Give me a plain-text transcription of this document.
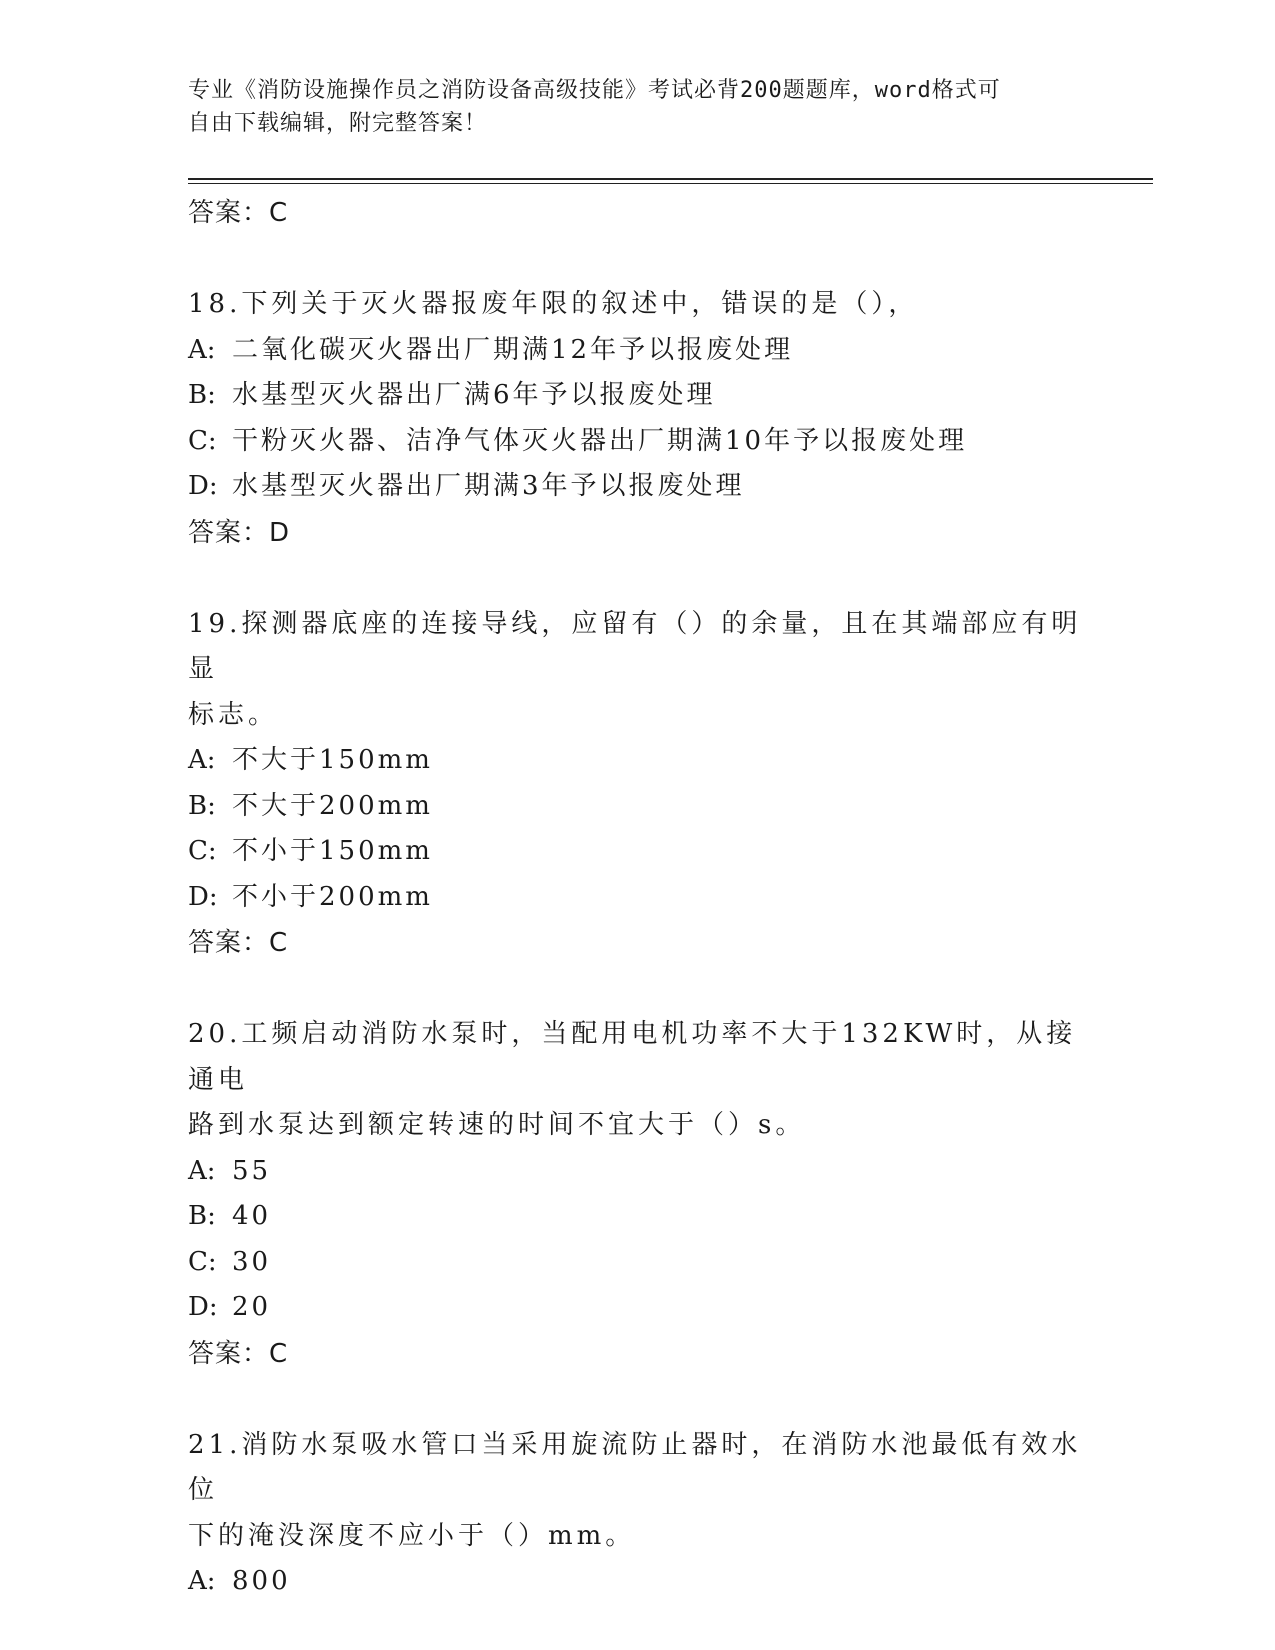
专业《消防设施操作员之消防设备高级技能》考试必背200题题库，word格式可
自由下载编辑，附完整答案！
答案：C
18.下列关于灭火器报废年限的叙述中，错误的是（），
A: 二氧化碳灭火器出厂期满12年予以报废处理
B: 水基型灭火器出厂满6年予以报废处理
C: 干粉灭火器、洁净气体灭火器出厂期满10年予以报废处理
D: 水基型灭火器出厂期满3年予以报废处理
答案：D
19.探测器底座的连接导线，应留有（）的余量，且在其端部应有明显
标志。
A: 不大于150mm
B: 不大于200mm
C: 不小于150mm
D: 不小于200mm
答案：C
20.工频启动消防水泵时，当配用电机功率不大于132KW时，从接通电
路到水泵达到额定转速的时间不宜大于（）s。
A: 55
B: 40
C: 30
D: 20
答案：C
21.消防水泵吸水管口当采用旋流防止器时，在消防水池最低有效水位
下的淹没深度不应小于（）mm。
A: 800
